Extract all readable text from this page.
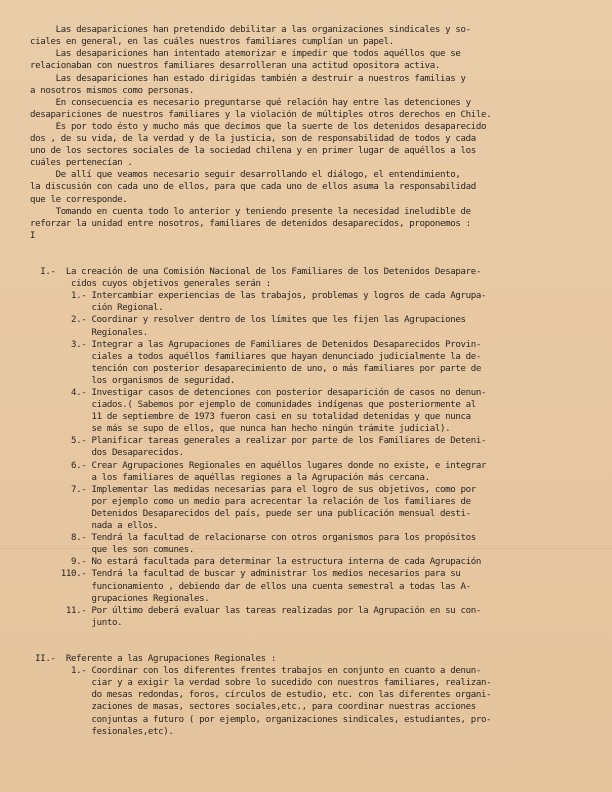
Las desapariciones han pretendido debilitar a las organizaciones sindicales y so-
ciales en general, en las cuáles nuestros familiares cumplían un papel.
Las desapariciones han intentado atemorizar e impedir que todos aquéllos que se
relacionaban con nuestros familiares desarrolleran una actitud opositora activa.
Las desapariciones han estado dirigidas también a destruir a nuestros familias y
a nosotros mismos como personas.
En consecuencia es necesario preguntarse qué relación hay entre las detenciones y
desapariciones de nuestros familiares y la violación de múltiples otros derechos en Chile.
Es por todo ésto y mucho más que decimos que la suerte de los detenidos desaparecido
dos , de su vida, de la verdad y de la justicia, son de responsabilidad de todos y cada
uno de los sectores sociales de la sociedad chilena y en primer lugar de aquéllos a los
cuáles pertenecían .
De allí que veamos necesario seguir desarrollando el diálogo, el entendimiento,
la discusión con cada uno de ellos, para que cada uno de ellos asuma la responsabilidad
que le corresponde.
Tomando en cuenta todo lo anterior y teniendo presente la necesidad ineludible de
reforzar la unidad entre nosotros, familiares de detenidos desaparecidos, proponemos :
I

I.-  La creación de una Comisión Nacional de los Familiares de los Detenidos Desapare-
cidos cuyos objetivos generales serán :
1.- Intercambiar experiencias de las trabajos, problemas y logros de cada Agrupa-
ción Regional.
2.- Coordinar y resolver dentro de los límites que les fijen las Agrupaciones
Regionales.
3.- Integrar a las Agrupaciones de Familiares de Detenidos Desaparecidos Provin-
ciales a todos aquéllos familiares que hayan denunciado judicialmente la de-
tención con posterior desaparecimiento de uno, o más familiares por parte de
los organismos de seguridad.
4.- Investigar casos de detenciones con posterior desaparición de casos no denun-
ciados.( Sabemos por ejemplo de comunidades indígenas que posteriormente al
11 de septiembre de 1973 fueron casi en su totalidad detenidas y que nunca
se más se supo de ellos, que nunca han hecho ningún trámite judicial).
5.- Planificar tareas generales a realizar por parte de los Familiares de Deteni-
dos Desaparecidos.
6.- Crear Agrupaciones Regionales en aquéllos lugares donde no existe, e integrar
a los familiares de aquéllas regiones a la Agrupación más cercana.
7.- Implementar las medidas necesarias para el logro de sus objetivos, como por
por ejemplo como un medio para acrecentar la relación de los familiares de
Detenidos Desaparecidos del país, puede ser una publicación mensual desti-
nada a ellos.
8.- Tendrá la facultad de relacionarse con otros organismos para los propósitos
que les son comunes.
9.- No estará facultada para determinar la estructura interna de cada Agrupación
110.- Tendrá la facultad de buscar y administrar los medios necesarios para su
funcionamiento , debiendo dar de ellos una cuenta semestral a todas las A-
grupaciones Regionales.
11.- Por último deberá evaluar las tareas realizadas por la Agrupación en su con-
junto.

II.-  Referente a las Agrupaciones Regionales :
1.- Coordinar con los diferentes frentes trabajos en conjunto en cuanto a denun-
ciar y a exigir la verdad sobre lo sucedido con nuestros familiares, realizan-
do mesas redondas, foros, círculos de estudio, etc. con las diferentes organi-
zaciones de masas, sectores sociales,etc., para coordinar nuestras acciones
conjuntas a futuro ( por ejemplo, organizaciones sindicales, estudiantes, pro-
fesionales,etc).
